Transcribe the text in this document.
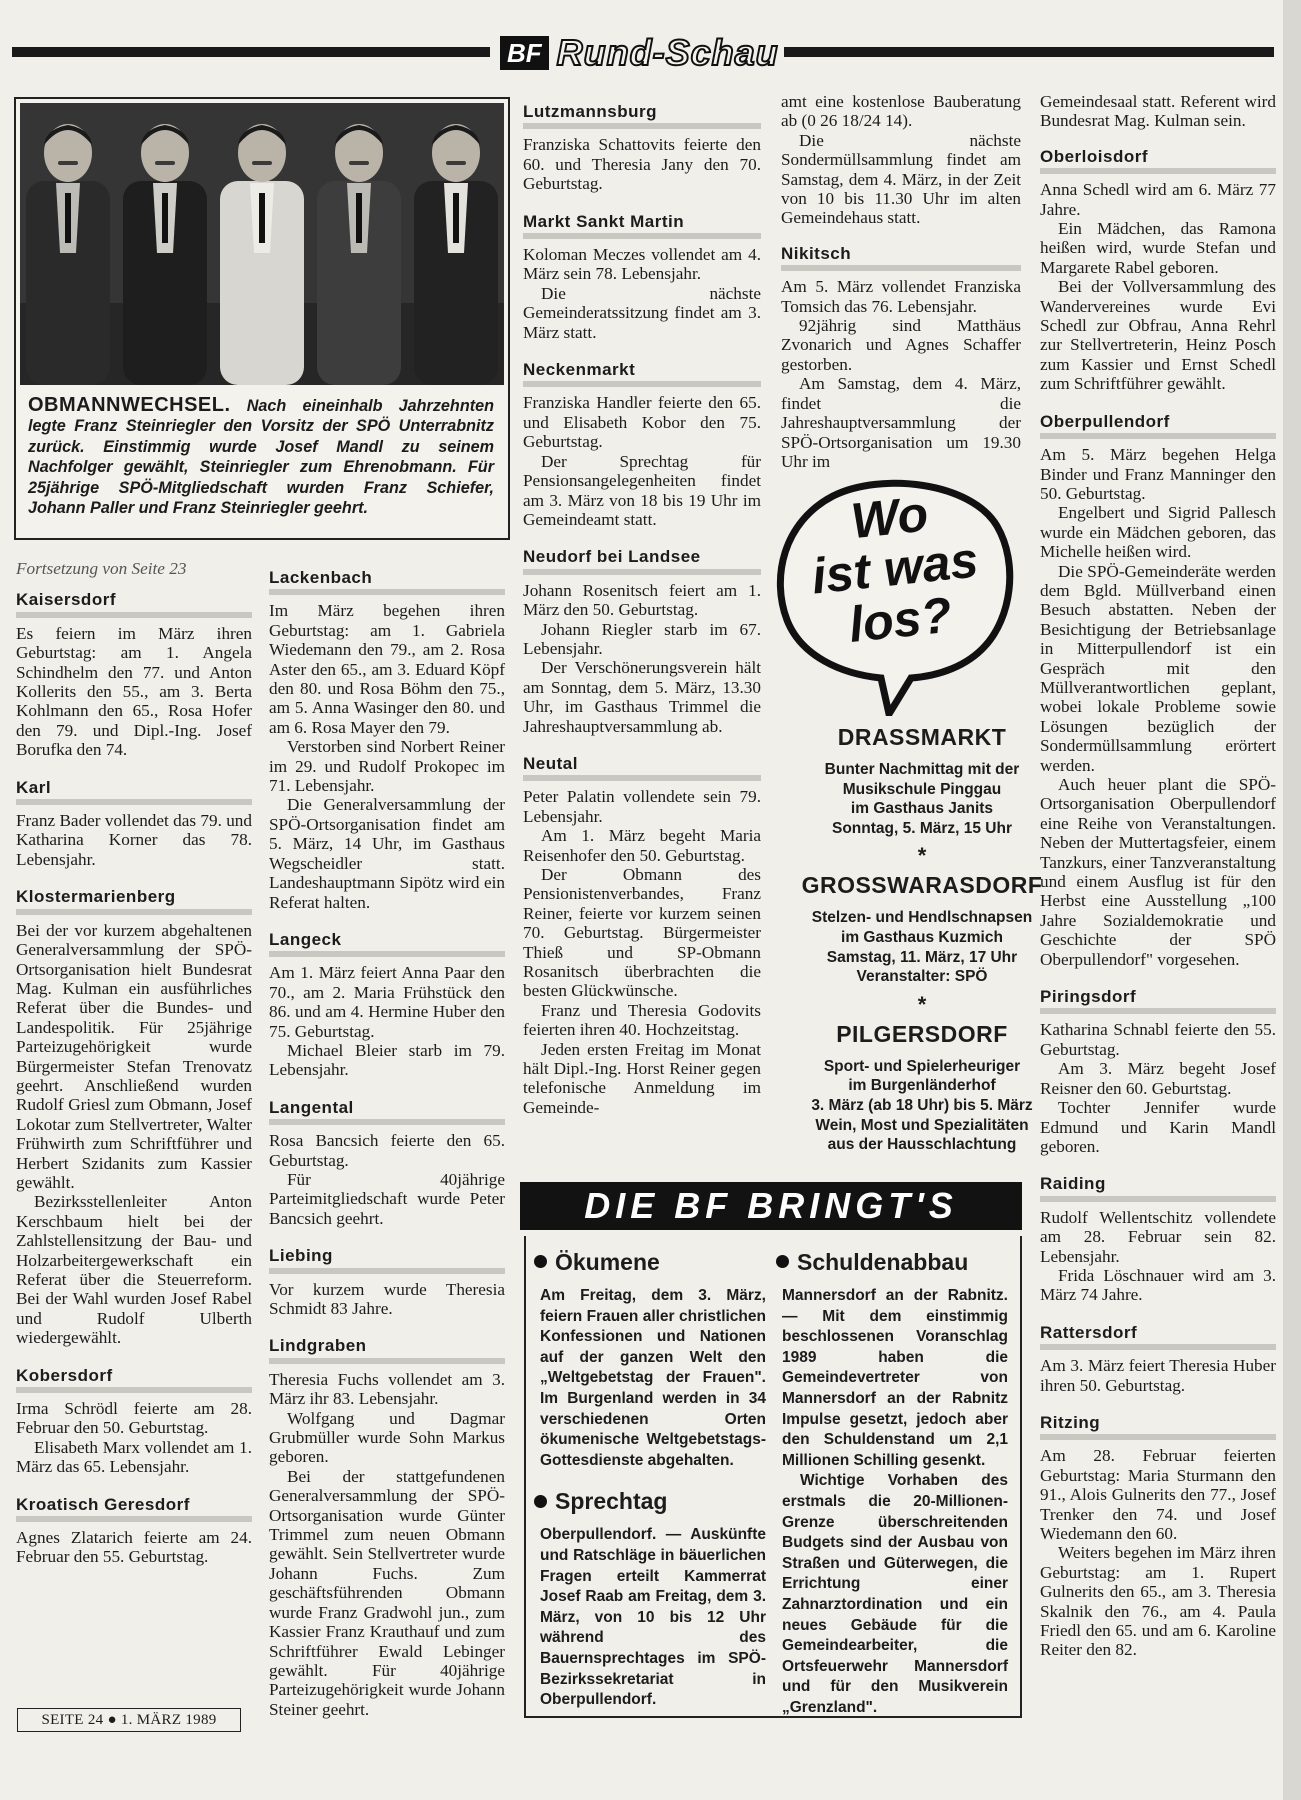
BF Rund-Schau
OBMANNWECHSEL. Nach eineinhalb Jahrzehnten legte Franz Steinriegler den Vorsitz der SPÖ Unterrabnitz zurück. Einstimmig wurde Josef Mandl zu seinem Nachfolger gewählt, Steinriegler zum Ehrenobmann. Für 25jährige SPÖ-Mitgliedschaft wurden Franz Schiefer, Johann Paller und Franz Steinriegler geehrt.

Fortsetzung von Seite 23

Kaisersdorf

Es feiern im März ihren Geburtstag: am 1. Angela Schindhelm den 77. und Anton Kollerits den 55., am 3. Berta Kohlmann den 65., Rosa Hofer den 79. und Dipl.-Ing. Josef Borufka den 74.

Karl

Franz Bader vollendet das 79. und Katharina Korner das 78. Lebensjahr.

Klostermarienberg

Bei der vor kurzem abgehaltenen Generalversammlung der SPÖ-Ortsorganisation hielt Bundesrat Mag. Kulman ein ausführliches Referat über die Bundes- und Landespolitik. Für 25jährige Parteizugehörigkeit wurde Bürgermeister Stefan Trenovatz geehrt. Anschließend wurden Rudolf Griesl zum Obmann, Josef Lokotar zum Stellvertreter, Walter Frühwirth zum Schriftführer und Herbert Szidanits zum Kassier gewählt.

Bezirksstellenleiter Anton Kerschbaum hielt bei der Zahlstellensitzung der Bau- und Holzarbeitergewerkschaft ein Referat über die Steuerreform. Bei der Wahl wurden Josef Rabel und Rudolf Ulberth wiedergewählt.

Kobersdorf

Irma Schrödl feierte am 28. Februar den 50. Geburtstag.

Elisabeth Marx vollendet am 1. März das 65. Lebensjahr.

Kroatisch Geresdorf

Agnes Zlatarich feierte am 24. Februar den 55. Geburtstag.

Lackenbach

Im März begehen ihren Geburtstag: am 1. Gabriela Wiedemann den 79., am 2. Rosa Aster den 65., am 3. Eduard Köpf den 80. und Rosa Böhm den 75., am 5. Anna Wasinger den 80. und am 6. Rosa Mayer den 79.

Verstorben sind Norbert Reiner im 29. und Rudolf Prokopec im 71. Lebensjahr.

Die Generalversammlung der SPÖ-Ortsorganisation findet am 5. März, 14 Uhr, im Gasthaus Wegscheidler statt. Landeshauptmann Sipötz wird ein Referat halten.

Langeck

Am 1. März feiert Anna Paar den 70., am 2. Maria Frühstück den 86. und am 4. Hermine Huber den 75. Geburtstag.

Michael Bleier starb im 79. Lebensjahr.

Langental

Rosa Bancsich feierte den 65. Geburtstag.

Für 40jährige Parteimitgliedschaft wurde Peter Bancsich geehrt.

Liebing

Vor kurzem wurde Theresia Schmidt 83 Jahre.

Lindgraben

Theresia Fuchs vollendet am 3. März ihr 83. Lebensjahr.

Wolfgang und Dagmar Grubmüller wurde Sohn Markus geboren.

Bei der stattgefundenen Generalversammlung der SPÖ-Ortsorganisation wurde Günter Trimmel zum neuen Obmann gewählt. Sein Stellvertreter wurde Johann Fuchs. Zum geschäftsführenden Obmann wurde Franz Gradwohl jun., zum Kassier Franz Krauthauf und zum Schriftführer Ewald Lebinger gewählt. Für 40jährige Parteizugehörigkeit wurde Johann Steiner geehrt.

Lutzmannsburg

Franziska Schattovits feierte den 60. und Theresia Jany den 70. Geburtstag.

Markt Sankt Martin

Koloman Meczes vollendet am 4. März sein 78. Lebensjahr.

Die nächste Gemeinderatssitzung findet am 3. März statt.

Neckenmarkt

Franziska Handler feierte den 65. und Elisabeth Kobor den 75. Geburtstag.

Der Sprechtag für Pensionsangelegenheiten findet am 3. März von 18 bis 19 Uhr im Gemeindeamt statt.

Neudorf bei Landsee

Johann Rosenitsch feiert am 1. März den 50. Geburtstag.

Johann Riegler starb im 67. Lebensjahr.

Der Verschönerungsverein hält am Sonntag, dem 5. März, 13.30 Uhr, im Gasthaus Trimmel die Jahreshauptversammlung ab.

Neutal

Peter Palatin vollendete sein 79. Lebensjahr.

Am 1. März begeht Maria Reisenhofer den 50. Geburtstag.

Der Obmann des Pensionistenverbandes, Franz Reiner, feierte vor kurzem seinen 70. Geburtstag. Bürgermeister Thieß und SP-Obmann Rosanitsch überbrachten die besten Glückwünsche.

Franz und Theresia Godovits feierten ihren 40. Hochzeitstag.

Jeden ersten Freitag im Monat hält Dipl.-Ing. Horst Reiner gegen telefonische Anmeldung im Gemeinde-

amt eine kostenlose Bauberatung ab (0 26 18/24 14).

Die nächste Sondermüllsammlung findet am Samstag, dem 4. März, in der Zeit von 10 bis 11.30 Uhr im alten Gemeindehaus statt.

Nikitsch

Am 5. März vollendet Franziska Tomsich das 76. Lebensjahr.

92jährig sind Matthäus Zvonarich und Agnes Schaffer gestorben.

Am Samstag, dem 4. März, findet die Jahreshauptversammlung der SPÖ-Ortsorganisation um 19.30 Uhr im

Wo
ist was
los?
DRASSMARKT
Bunter Nachmittag mit der
Musikschule Pinggau
im Gasthaus Janits
Sonntag, 5. März, 15 Uhr
*
GROSSWARASDORF
Stelzen- und Hendlschnapsen
im Gasthaus Kuzmich
Samstag, 11. März, 17 Uhr
Veranstalter: SPÖ
*
PILGERSDORF
Sport- und Spielerheuriger
im Burgenländerhof
3. März (ab 18 Uhr) bis 5. März
Wein, Most und Spezialitäten
aus der Hausschlachtung
DIE BF BRINGT'S
Ökumene

Am Freitag, dem 3. März, feiern Frauen aller christlichen Konfessionen und Nationen auf der ganzen Welt den „Weltgebetstag der Frauen". Im Burgenland werden in 34 verschiedenen Orten ökumenische Weltgebetstags-Gottesdienste abgehalten.

Sprechtag

Oberpullendorf. — Auskünfte und Ratschläge in bäuerlichen Fragen erteilt Kammerrat Josef Raab am Freitag, dem 3. März, von 10 bis 12 Uhr während des Bauernsprechtages im SPÖ-Bezirkssekretariat in Oberpullendorf.

Schuldenabbau

Mannersdorf an der Rabnitz. — Mit dem einstimmig beschlossenen Voranschlag 1989 haben die Gemeindevertreter von Mannersdorf an der Rabnitz Impulse gesetzt, jedoch aber den Schuldenstand um 2,1 Millionen Schilling gesenkt.

Wichtige Vorhaben des erstmals die 20-Millionen-Grenze überschreitenden Budgets sind der Ausbau von Straßen und Güterwegen, die Errichtung einer Zahnarztordination und ein neues Gebäude für die Gemeindearbeiter, die Ortsfeuerwehr Mannersdorf und für den Musikverein „Grenzland".

Gemeindesaal statt. Referent wird Bundesrat Mag. Kulman sein.

Oberloisdorf

Anna Schedl wird am 6. März 77 Jahre.

Ein Mädchen, das Ramona heißen wird, wurde Stefan und Margarete Rabel geboren.

Bei der Vollversammlung des Wandervereines wurde Evi Schedl zur Obfrau, Anna Rehrl zur Stellvertreterin, Heinz Posch zum Kassier und Ernst Schedl zum Schriftführer gewählt.

Oberpullendorf

Am 5. März begehen Helga Binder und Franz Manninger den 50. Geburtstag.

Engelbert und Sigrid Pallesch wurde ein Mädchen geboren, das Michelle heißen wird.

Die SPÖ-Gemeinderäte werden dem Bgld. Müllverband einen Besuch abstatten. Neben der Besichtigung der Betriebsanlage in Mitterpullendorf ist ein Gespräch mit den Müllverantwortlichen geplant, wobei lokale Probleme sowie Lösungen bezüglich der Sondermüllsammlung erörtert werden.

Auch heuer plant die SPÖ-Ortsorganisation Oberpullendorf eine Reihe von Veranstaltungen. Neben der Muttertagsfeier, einem Tanzkurs, einer Tanzveranstaltung und einem Ausflug ist für den Herbst eine Ausstellung „100 Jahre Sozialdemokratie und Geschichte der SPÖ Oberpullendorf" vorgesehen.

Piringsdorf

Katharina Schnabl feierte den 55. Geburtstag.

Am 3. März begeht Josef Reisner den 60. Geburtstag.

Tochter Jennifer wurde Edmund und Karin Mandl geboren.

Raiding

Rudolf Wellentschitz vollendete am 28. Februar sein 82. Lebensjahr.

Frida Löschnauer wird am 3. März 74 Jahre.

Rattersdorf

Am 3. März feiert Theresia Huber ihren 50. Geburtstag.

Ritzing

Am 28. Februar feierten Geburtstag: Maria Sturmann den 91., Alois Gulnerits den 77., Josef Trenker den 74. und Josef Wiedemann den 60.

Weiters begehen im März ihren Geburtstag: am 1. Rupert Gulnerits den 65., am 3. Theresia Skalnik den 76., am 4. Paula Friedl den 65. und am 6. Karoline Reiter den 82.

SEITE 24 ● 1. MÄRZ 1989
